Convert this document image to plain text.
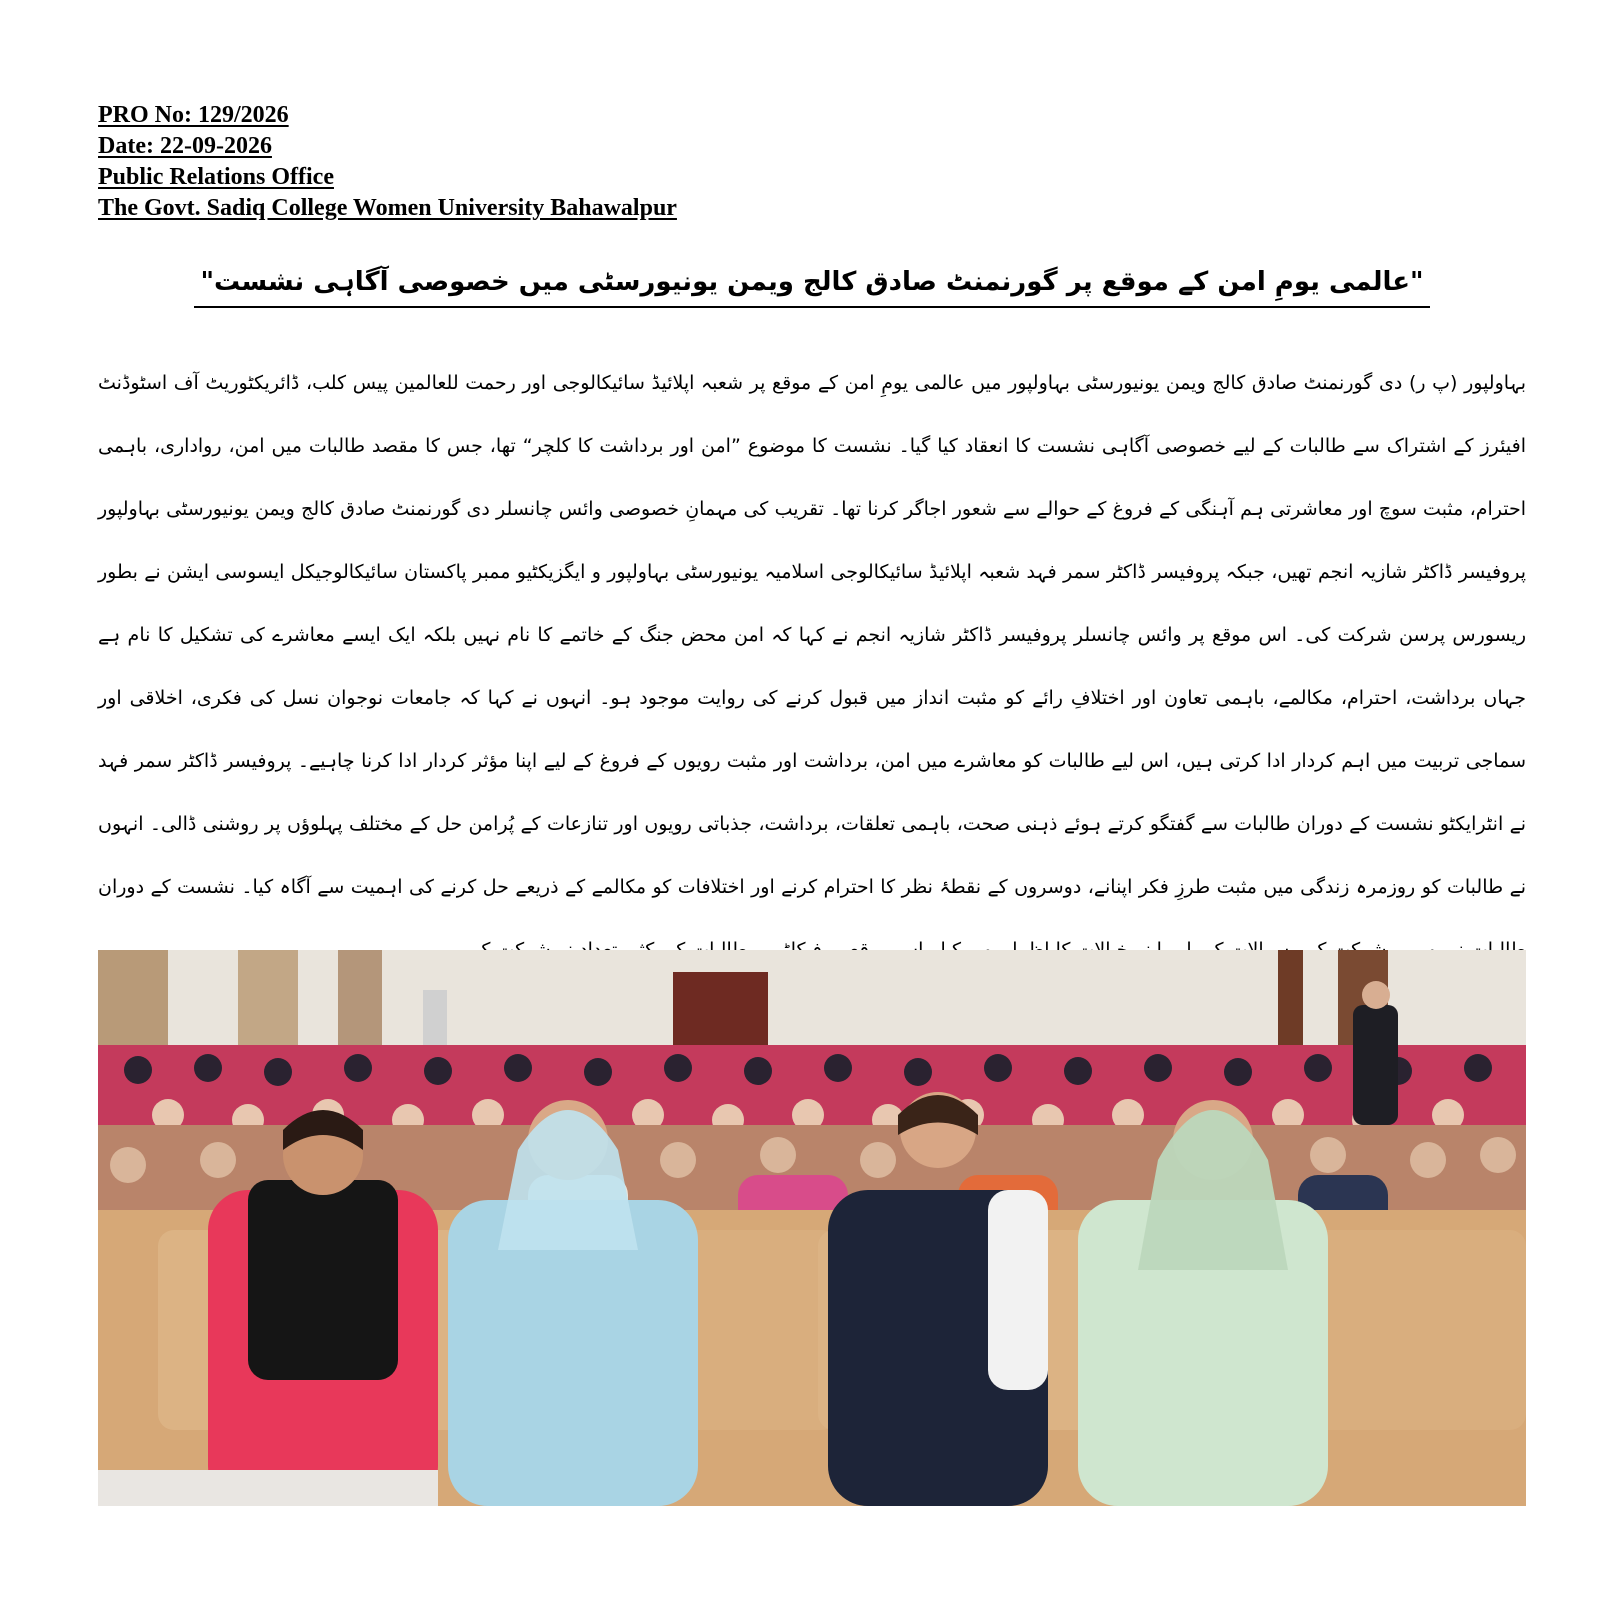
PRO No: 129/2026
Date: 22-09-2026
Public Relations Office
The Govt. Sadiq College Women University Bahawalpur
"عالمی یومِ امن کے موقع پر گورنمنٹ صادق کالج ویمن یونیورسٹی میں خصوصی آگاہی نشست"
بہاولپور (پ ر) دی گورنمنٹ صادق کالج ویمن یونیورسٹی بہاولپور میں عالمی یومِ امن کے موقع پر شعبہ اپلائیڈ سائیکالوجی اور رحمت للعالمین پیس کلب، ڈائریکٹوریٹ آف اسٹوڈنٹ افیئرز کے اشتراک سے طالبات کے لیے خصوصی آگاہی نشست کا انعقاد کیا گیا۔ نشست کا موضوع ”امن اور برداشت کا کلچر“ تھا، جس کا مقصد طالبات میں امن، رواداری، باہمی احترام، مثبت سوچ اور معاشرتی ہم آہنگی کے فروغ کے حوالے سے شعور اجاگر کرنا تھا۔ تقریب کی مہمانِ خصوصی وائس چانسلر دی گورنمنٹ صادق کالج ویمن یونیورسٹی بہاولپور پروفیسر ڈاکٹر شازیہ انجم تھیں، جبکہ پروفیسر ڈاکٹر سمر فہد شعبہ اپلائیڈ سائیکالوجی اسلامیہ یونیورسٹی بہاولپور و ایگزیکٹیو ممبر پاکستان سائیکالوجیکل ایسوسی ایشن نے بطور ریسورس پرسن شرکت کی۔ اس موقع پر وائس چانسلر پروفیسر ڈاکٹر شازیہ انجم نے کہا کہ امن محض جنگ کے خاتمے کا نام نہیں بلکہ ایک ایسے معاشرے کی تشکیل کا نام ہے جہاں برداشت، احترام، مکالمے، باہمی تعاون اور اختلافِ رائے کو مثبت انداز میں قبول کرنے کی روایت موجود ہو۔ انہوں نے کہا کہ جامعات نوجوان نسل کی فکری، اخلاقی اور سماجی تربیت میں اہم کردار ادا کرتی ہیں، اس لیے طالبات کو معاشرے میں امن، برداشت اور مثبت رویوں کے فروغ کے لیے اپنا مؤثر کردار ادا کرنا چاہیے۔ پروفیسر ڈاکٹر سمر فہد نے انٹرایکٹو نشست کے دوران طالبات سے گفتگو کرتے ہوئے ذہنی صحت، باہمی تعلقات، برداشت، جذباتی رویوں اور تنازعات کے پُرامن حل کے مختلف پہلوؤں پر روشنی ڈالی۔ انہوں نے طالبات کو روزمرہ زندگی میں مثبت طرزِ فکر اپنانے، دوسروں کے نقطۂ نظر کا احترام کرنے اور اختلافات کو مکالمے کے ذریعے حل کرنے کی اہمیت سے آگاہ کیا۔ نشست کے دوران
